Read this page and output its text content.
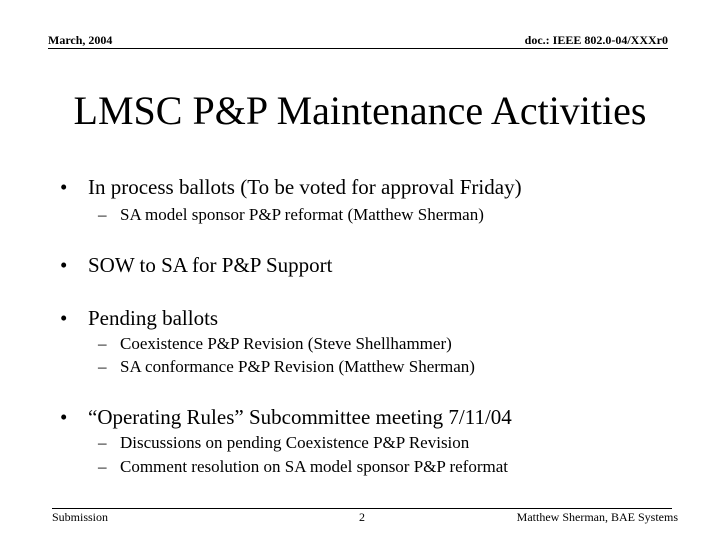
March, 2004	doc.: IEEE 802.0-04/XXXr0
LMSC P&P Maintenance Activities
• In process ballots (To be voted for approval Friday)
– SA model sponsor P&P reformat (Matthew Sherman)
• SOW to SA for P&P Support
• Pending ballots
– Coexistence P&P Revision (Steve Shellhammer)
– SA conformance P&P Revision (Matthew Sherman)
• “Operating Rules” Subcommittee meeting 7/11/04
– Discussions on pending Coexistence P&P Revision
– Comment resolution on SA model sponsor P&P reformat
Submission	2	Matthew Sherman, BAE Systems
